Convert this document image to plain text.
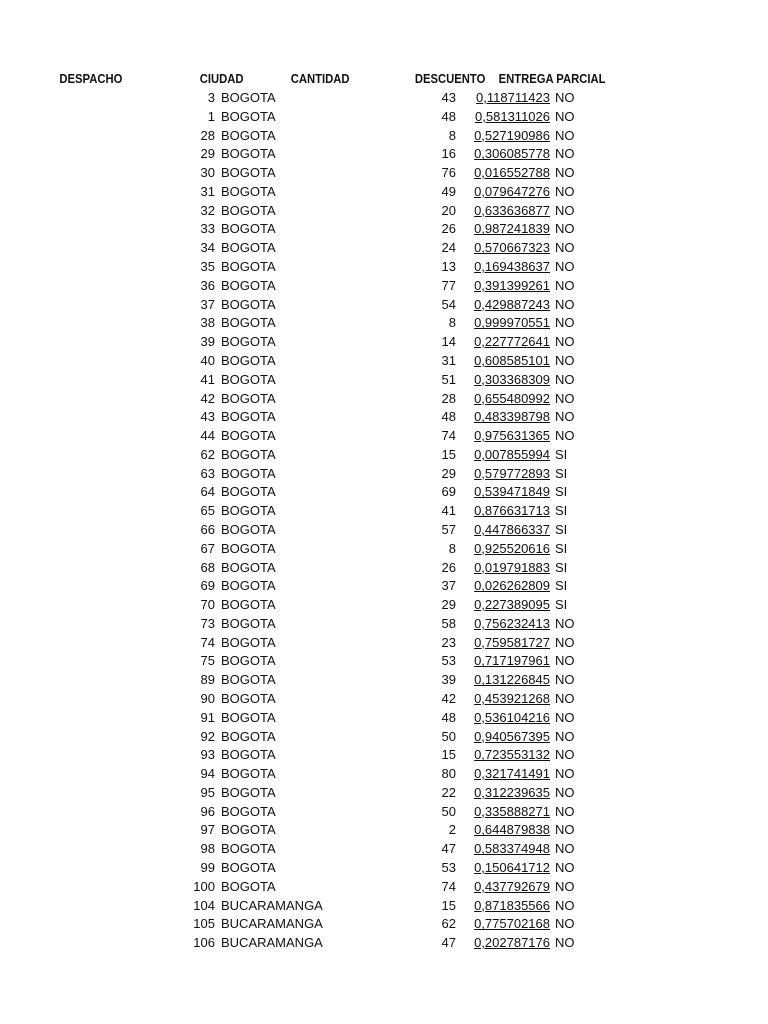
DESPACHO	CIUDAD	CANTIDAD	DESCUENTO ENTREGA PARCIAL
3 BOGOTA	43 0,118711423 NO
1 BOGOTA	48 0,581311026 NO
28 BOGOTA	8 0,527190986 NO
29 BOGOTA	16 0,306085778 NO
30 BOGOTA	76 0,016552788 NO
31 BOGOTA	49 0,079647276 NO
32 BOGOTA	20 0,633636877 NO
33 BOGOTA	26 0,987241839 NO
34 BOGOTA	24 0,570667323 NO
35 BOGOTA	13 0,169438637 NO
36 BOGOTA	77 0,391399261 NO
37 BOGOTA	54 0,429887243 NO
38 BOGOTA	8 0,999970551 NO
39 BOGOTA	14 0,227772641 NO
40 BOGOTA	31 0,608585101 NO
41 BOGOTA	51 0,303368309 NO
42 BOGOTA	28 0,655480992 NO
43 BOGOTA	48 0,483398798 NO
44 BOGOTA	74 0,975631365 NO
62 BOGOTA	15 0,007855994 SI
63 BOGOTA	29 0,579772893 SI
64 BOGOTA	69 0,539471849 SI
65 BOGOTA	41 0,876631713 SI
66 BOGOTA	57 0,447866337 SI
67 BOGOTA	8 0,925520616 SI
68 BOGOTA	26 0,019791883 SI
69 BOGOTA	37 0,026262809 SI
70 BOGOTA	29 0,227389095 SI
73 BOGOTA	58 0,756232413 NO
74 BOGOTA	23 0,759581727 NO
75 BOGOTA	53 0,717197961 NO
89 BOGOTA	39 0,131226845 NO
90 BOGOTA	42 0,453921268 NO
91 BOGOTA	48 0,536104216 NO
92 BOGOTA	50 0,940567395 NO
93 BOGOTA	15 0,723553132 NO
94 BOGOTA	80 0,321741491 NO
95 BOGOTA	22 0,312239635 NO
96 BOGOTA	50 0,335888271 NO
97 BOGOTA	2 0,644879838 NO
98 BOGOTA	47 0,583374948 NO
99 BOGOTA	53 0,150641712 NO
100 BOGOTA	74 0,437792679 NO
104 BUCARAMANGA	15 0,871835566 NO
105 BUCARAMANGA	62 0,775702168 NO
106 BUCARAMANGA	47 0,202787176 NO
